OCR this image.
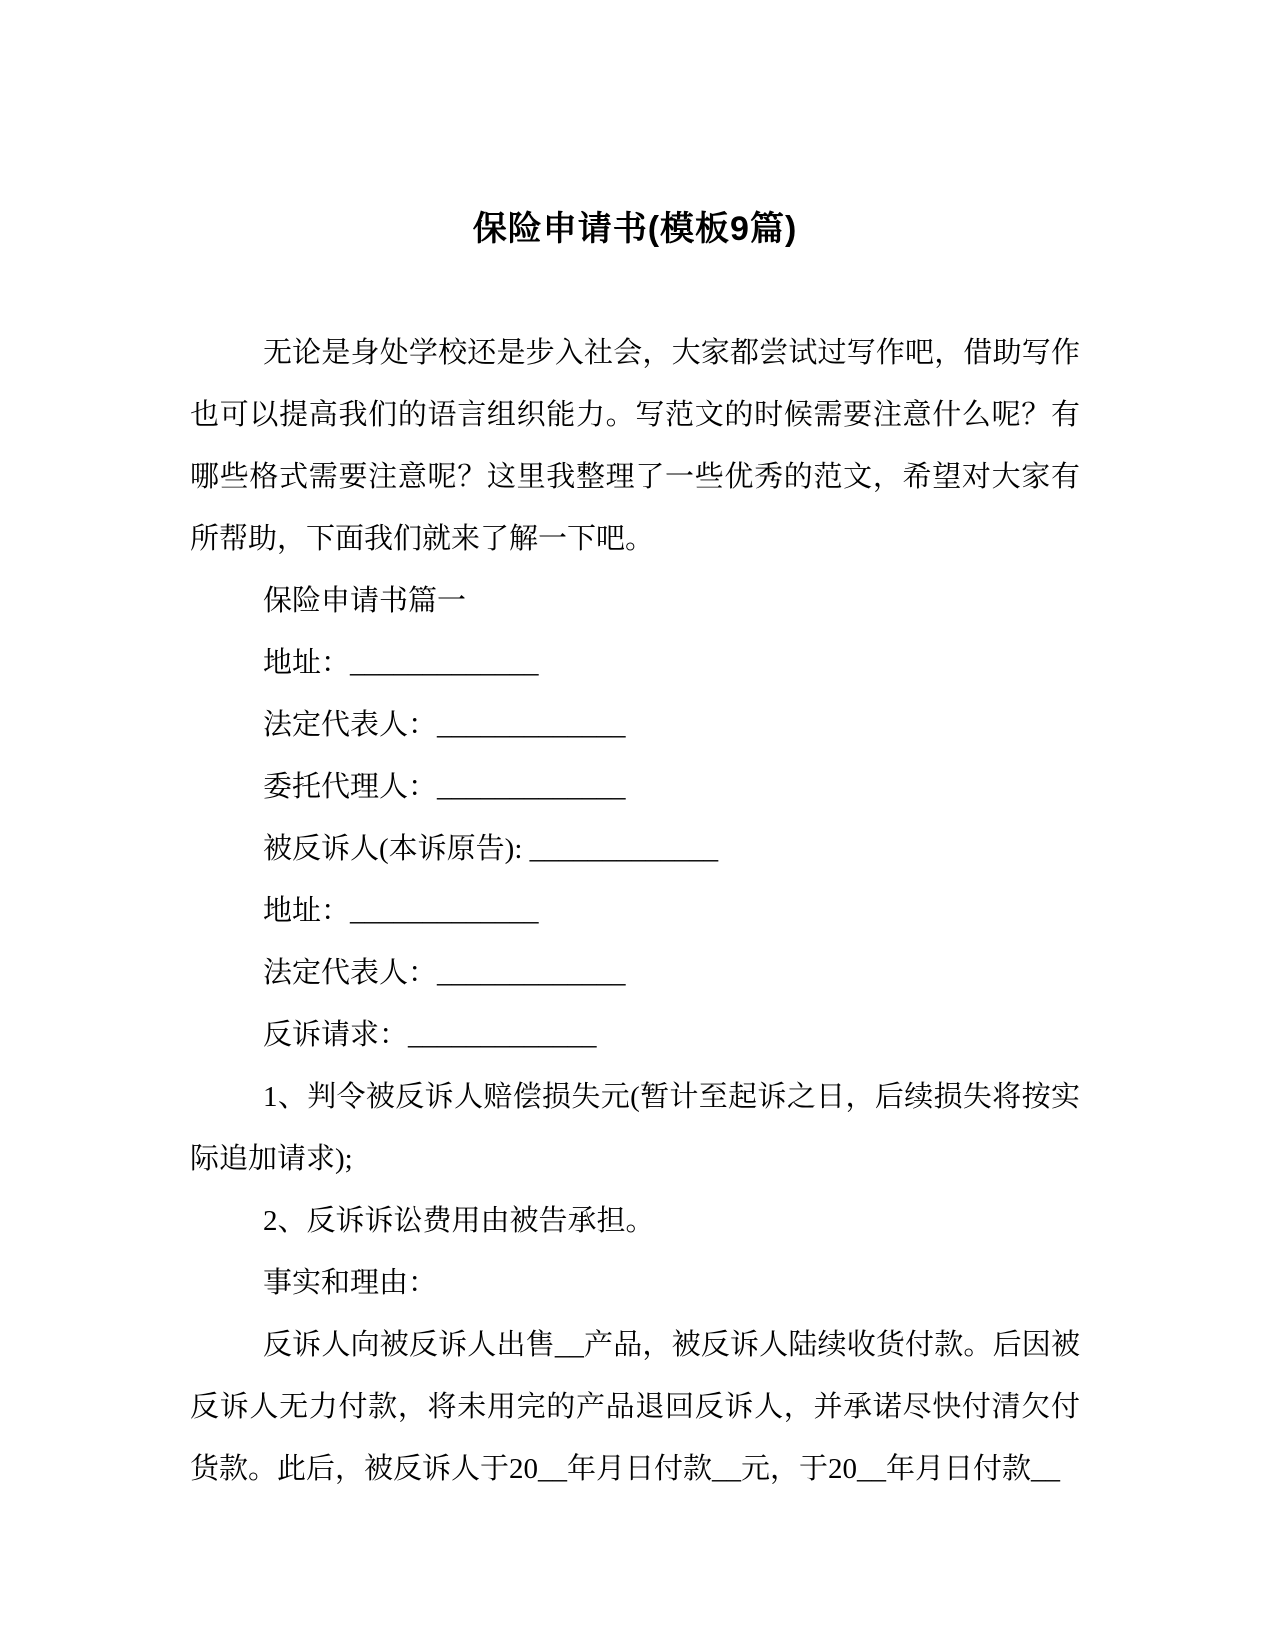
保险申请书(模板9篇)

无论是身处学校还是步入社会，大家都尝试过写作吧，借助写作也可以提高我们的语言组织能力。写范文的时候需要注意什么呢？有哪些格式需要注意呢？这里我整理了一些优秀的范文，希望对大家有所帮助，下面我们就来了解一下吧。

保险申请书篇一

地址：_____________

法定代表人：_____________

委托代理人：_____________

被反诉人(本诉原告): _____________

地址：_____________

法定代表人：_____________

反诉请求：_____________

1、判令被反诉人赔偿损失元(暂计至起诉之日，后续损失将按实际追加请求);

2、反诉诉讼费用由被告承担。

事实和理由：

反诉人向被反诉人出售__产品，被反诉人陆续收货付款。后因被反诉人无力付款，将未用完的产品退回反诉人，并承诺尽快付清欠付货款。此后，被反诉人于20__年月日付款__元，于20__年月日付款__
